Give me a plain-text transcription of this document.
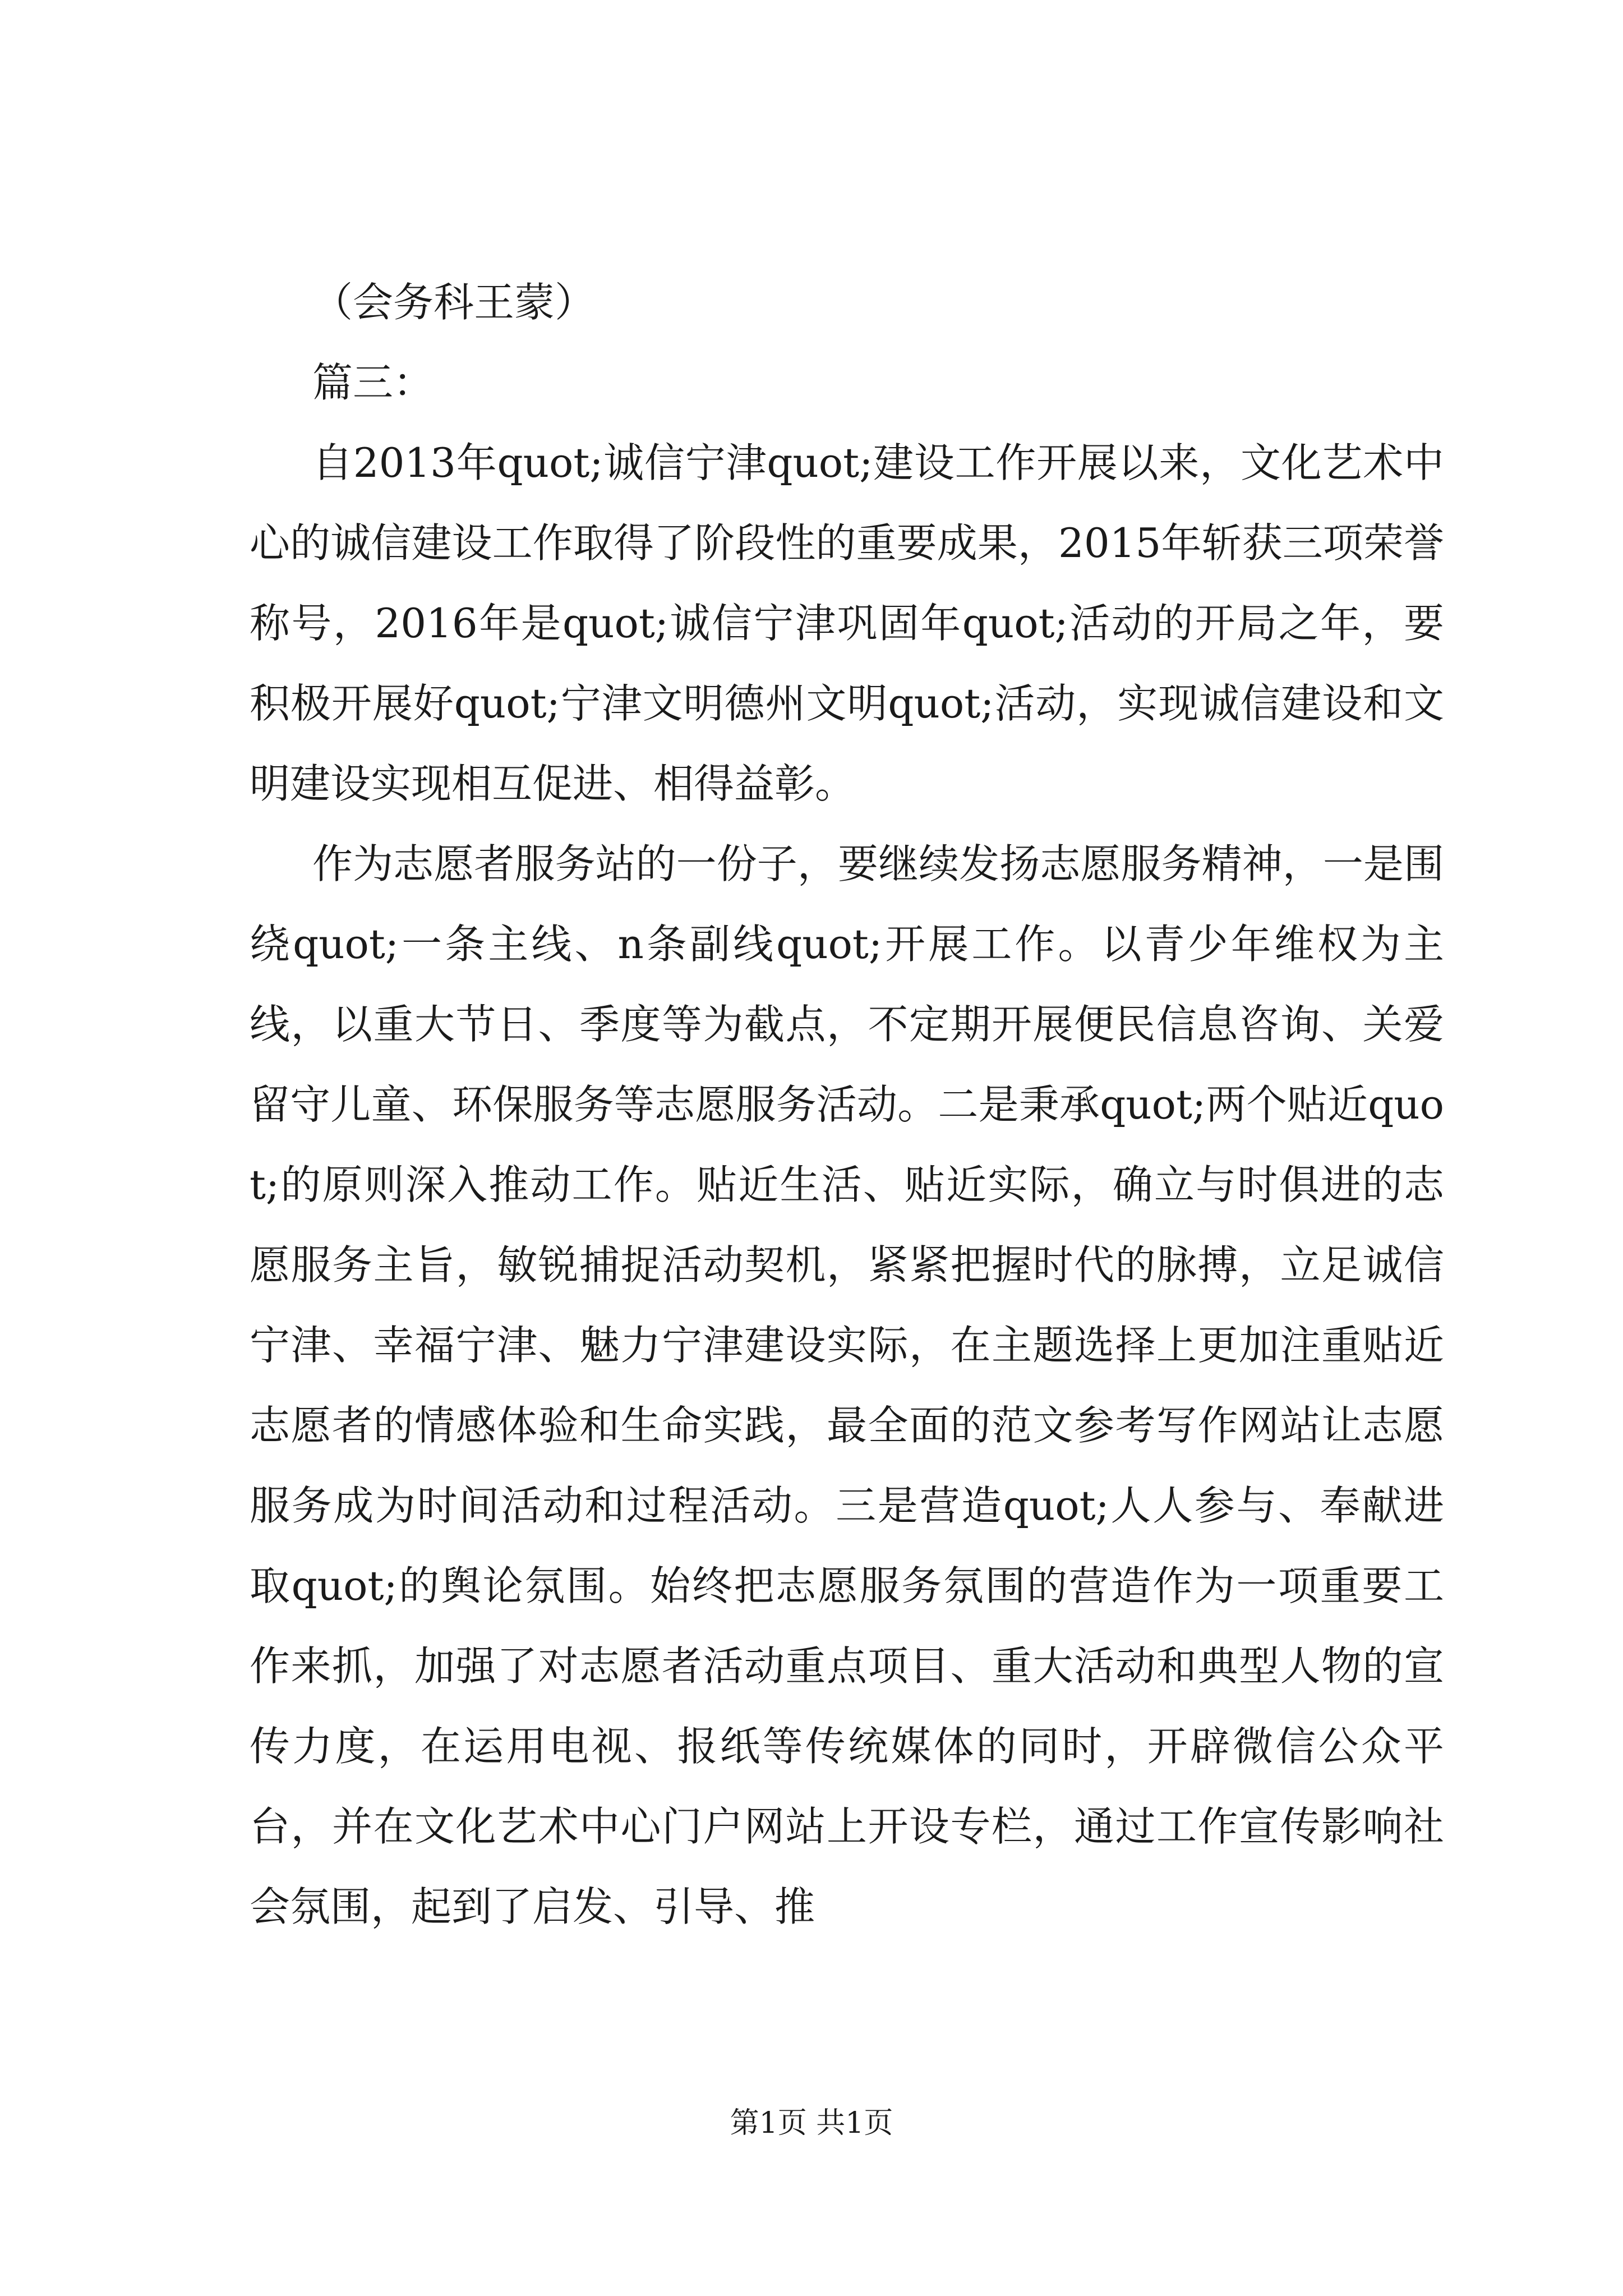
（会务科王蒙）

篇三：

自2013年quot;诚信宁津quot;建设工作开展以来，文化艺术中心的诚信建设工作取得了阶段性的重要成果，2015年斩获三项荣誉称号，2016年是quot;诚信宁津巩固年quot;活动的开局之年，要积极开展好quot;宁津文明德州文明quot;活动，实现诚信建设和文明建设实现相互促进、相得益彰。

作为志愿者服务站的一份子，要继续发扬志愿服务精神，一是围绕quot;一条主线、n条副线quot;开展工作。以青少年维权为主线，以重大节日、季度等为截点，不定期开展便民信息咨询、关爱留守儿童、环保服务等志愿服务活动。二是秉承quot;两个贴近quot;的原则深入推动工作。贴近生活、贴近实际，确立与时俱进的志愿服务主旨，敏锐捕捉活动契机，紧紧把握时代的脉搏，立足诚信宁津、幸福宁津、魅力宁津建设实际，在主题选择上更加注重贴近志愿者的情感体验和生命实践，最全面的范文参考写作网站让志愿服务成为时间活动和过程活动。三是营造quot;人人参与、奉献进取quot;的舆论氛围。始终把志愿服务氛围的营造作为一项重要工作来抓，加强了对志愿者活动重点项目、重大活动和典型人物的宣传力度，在运用电视、报纸等传统媒体的同时，开辟微信公众平台，并在文化艺术中心门户网站上开设专栏，通过工作宣传影响社会氛围，起到了启发、引导、推

第1页 共1页
